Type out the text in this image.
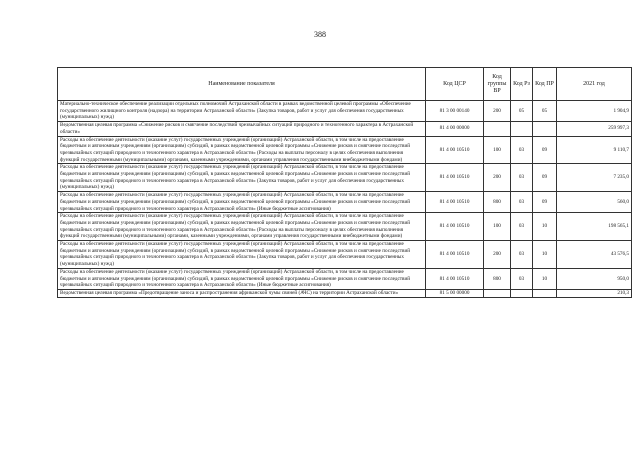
388
Наименование показателя	Код ЦСР	Код группы ВР	Код Рз	Код ПР	2021 год
Материально-техническое обеспечение реализации отдельных полномочий Астраханской области в рамках ведомственной целевой программы «Обеспечение государственного жилищного контроля (надзора) на территории Астраханской области» (Закупка товаров, работ и услуг для обеспечения государственных (муниципальных) нужд)	81 3 00 00140	200	05	05	1 904,9
Ведомственная целевая программа «Снижение рисков и смягчение последствий чрезвычайных ситуаций природного и техногенного характера в Астраханской области»	81 4 00 00000				259 997,3
Расходы на обеспечение деятельности (оказание услуг) государственных учреждений (организаций) Астраханской области, в том числе на предоставление бюджетным и автономным учреждениям (организациям) субсидий, в рамках ведомственной целевой программы «Снижение рисков и смягчение последствий чрезвычайных ситуаций природного и техногенного характера в Астраханской области» (Расходы на выплаты персоналу в целях обеспечения выполнения функций государственными (муниципальными) органами, казенными учреждениями, органами управления государственными внебюджетными фондами)	81 4 00 10510	100	03	09	9 110,7
Расходы на обеспечение деятельности (оказание услуг) государственных учреждений (организаций) Астраханской области, в том числе на предоставление бюджетным и автономным учреждениям (организациям) субсидий, в рамках ведомственной целевой программы «Снижение рисков и смягчение последствий чрезвычайных ситуаций природного и техногенного характера в Астраханской области» (Закупка товаров, работ и услуг для обеспечения государственных (муниципальных) нужд)	81 4 00 10510	200	03	09	7 235,0
Расходы на обеспечение деятельности (оказание услуг) государственных учреждений (организаций) Астраханской области, в том числе на предоставление бюджетным и автономным учреждениям (организациям) субсидий, в рамках ведомственной целевой программы «Снижение рисков и смягчение последствий чрезвычайных ситуаций природного и техногенного характера в Астраханской области» (Иные бюджетные ассигнования)	81 4 00 10510	800	03	09	560,0
Расходы на обеспечение деятельности (оказание услуг) государственных учреждений (организаций) Астраханской области, в том числе на предоставление бюджетным и автономным учреждениям (организациям) субсидий, в рамках ведомственной целевой программы «Снижение рисков и смягчение последствий чрезвычайных ситуаций природного и техногенного характера в Астраханской области» (Расходы на выплаты персоналу в целях обеспечения выполнения функций государственными (муниципальными) органами, казенными учреждениями, органами управления государственными внебюджетными фондами)	81 4 00 10510	100	03	10	198 565,1
Расходы на обеспечение деятельности (оказание услуг) государственных учреждений (организаций) Астраханской области, в том числе на предоставление бюджетным и автономным учреждениям (организациям) субсидий, в рамках ведомственной целевой программы «Снижение рисков и смягчение последствий чрезвычайных ситуаций природного и техногенного характера в Астраханской области» (Закупка товаров, работ и услуг для обеспечения государственных (муниципальных) нужд)	81 4 00 10510	200	03	10	43 576,5
Расходы на обеспечение деятельности (оказание услуг) государственных учреждений (организаций) Астраханской области, в том числе на предоставление бюджетным и автономным учреждениям (организациям) субсидий, в рамках ведомственной целевой программы «Снижение рисков и смягчение последствий чрезвычайных ситуаций природного и техногенного характера в Астраханской области» (Иные бюджетные ассигнования)	81 4 00 10510	800	03	10	950,0
Ведомственная целевая программа «Предотвращение заноса и распространения африканской чумы свиней (АЧС) на территории Астраханской области»	81 5 00 00000				210,3
